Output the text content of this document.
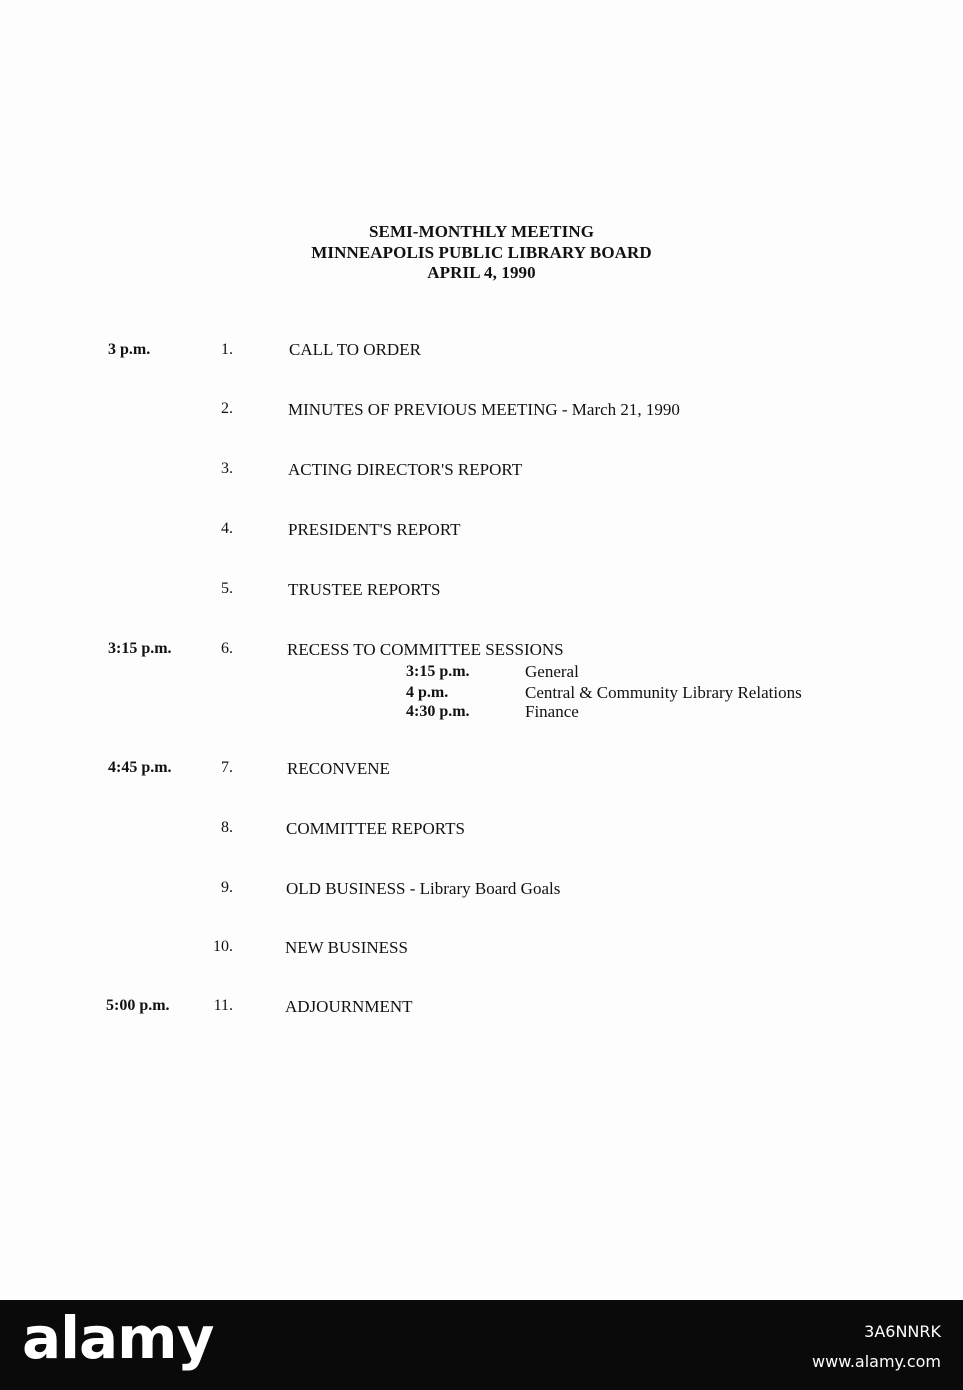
SEMI-MONTHLY MEETING
MINNEAPOLIS PUBLIC LIBRARY BOARD
APRIL 4, 1990
3 p.m.	1.	CALL TO ORDER
2.	MINUTES OF PREVIOUS MEETING - March 21, 1990
3.	ACTING DIRECTOR'S REPORT
4.	PRESIDENT'S REPORT
5.	TRUSTEE REPORTS
3:15 p.m.	6.	RECESS TO COMMITTEE SESSIONS
3:15 p.m.	General
4 p.m.	Central & Community Library Relations
4:30 p.m.	Finance
4:45 p.m.	7.	RECONVENE
8.	COMMITTEE REPORTS
9.	OLD BUSINESS - Library Board Goals
10.	NEW BUSINESS
5:00 p.m.	11.	ADJOURNMENT
alamy	3A6NNRK
www.alamy.com
